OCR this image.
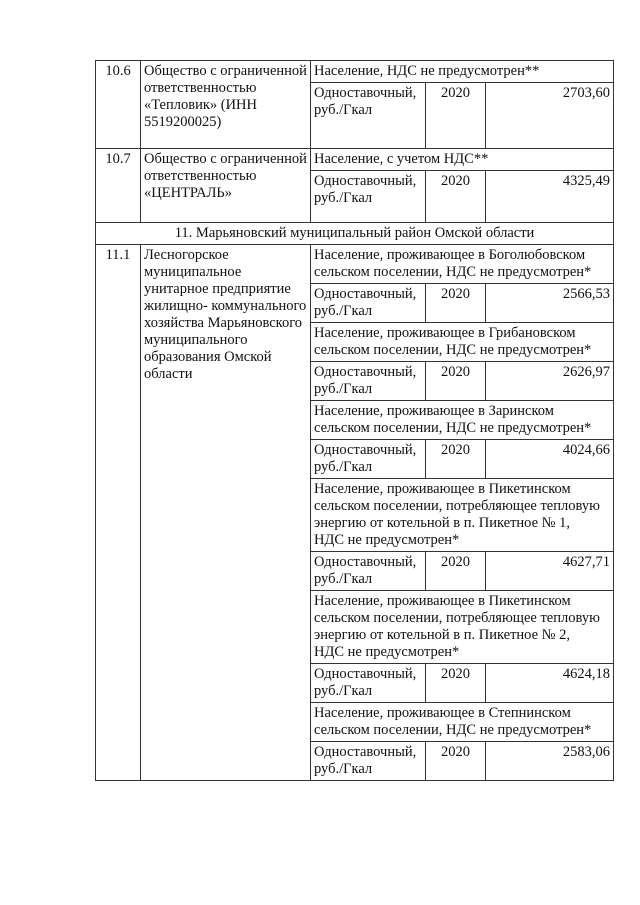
10.6	Общество с ограниченной ответственностью «Тепловик» (ИНН 5519200025)	Население, НДС не предусмотрен**		
		Одноставочный,
руб./Гкал	2020	2703,60
10.7	Общество с ограниченной ответственностью «ЦЕНТРАЛЬ»	Население, с учетом НДС**		
		Одноставочный,
руб./Гкал	2020	4325,49
11. Марьяновский муниципальный район Омской области				
11.1	Лесногорское муниципальное унитарное предприятие жилищно- коммунального хозяйства Марьяновского муниципального образования Омской области	Население, проживающее в Боголюбовском
сельском поселении, НДС не предусмотрен*		
		Одноставочный,
руб./Гкал	2020	2566,53
		Население, проживающее в Грибановском
сельском поселении, НДС не предусмотрен*		
		Одноставочный,
руб./Гкал	2020	2626,97
		Население, проживающее в Заринском
сельском поселении, НДС не предусмотрен*		
		Одноставочный,
руб./Гкал	2020	4024,66
		Население, проживающее в Пикетинском
сельском поселении, потребляющее тепловую
энергию от котельной в п. Пикетное № 1,
НДС не предусмотрен*		
		Одноставочный,
руб./Гкал	2020	4627,71
		Население, проживающее в Пикетинском
сельском поселении, потребляющее тепловую
энергию от котельной в п. Пикетное № 2,
НДС не предусмотрен*		
		Одноставочный,
руб./Гкал	2020	4624,18
		Население, проживающее в Степнинском
сельском поселении, НДС не предусмотрен*		
		Одноставочный,
руб./Гкал	2020	2583,06
